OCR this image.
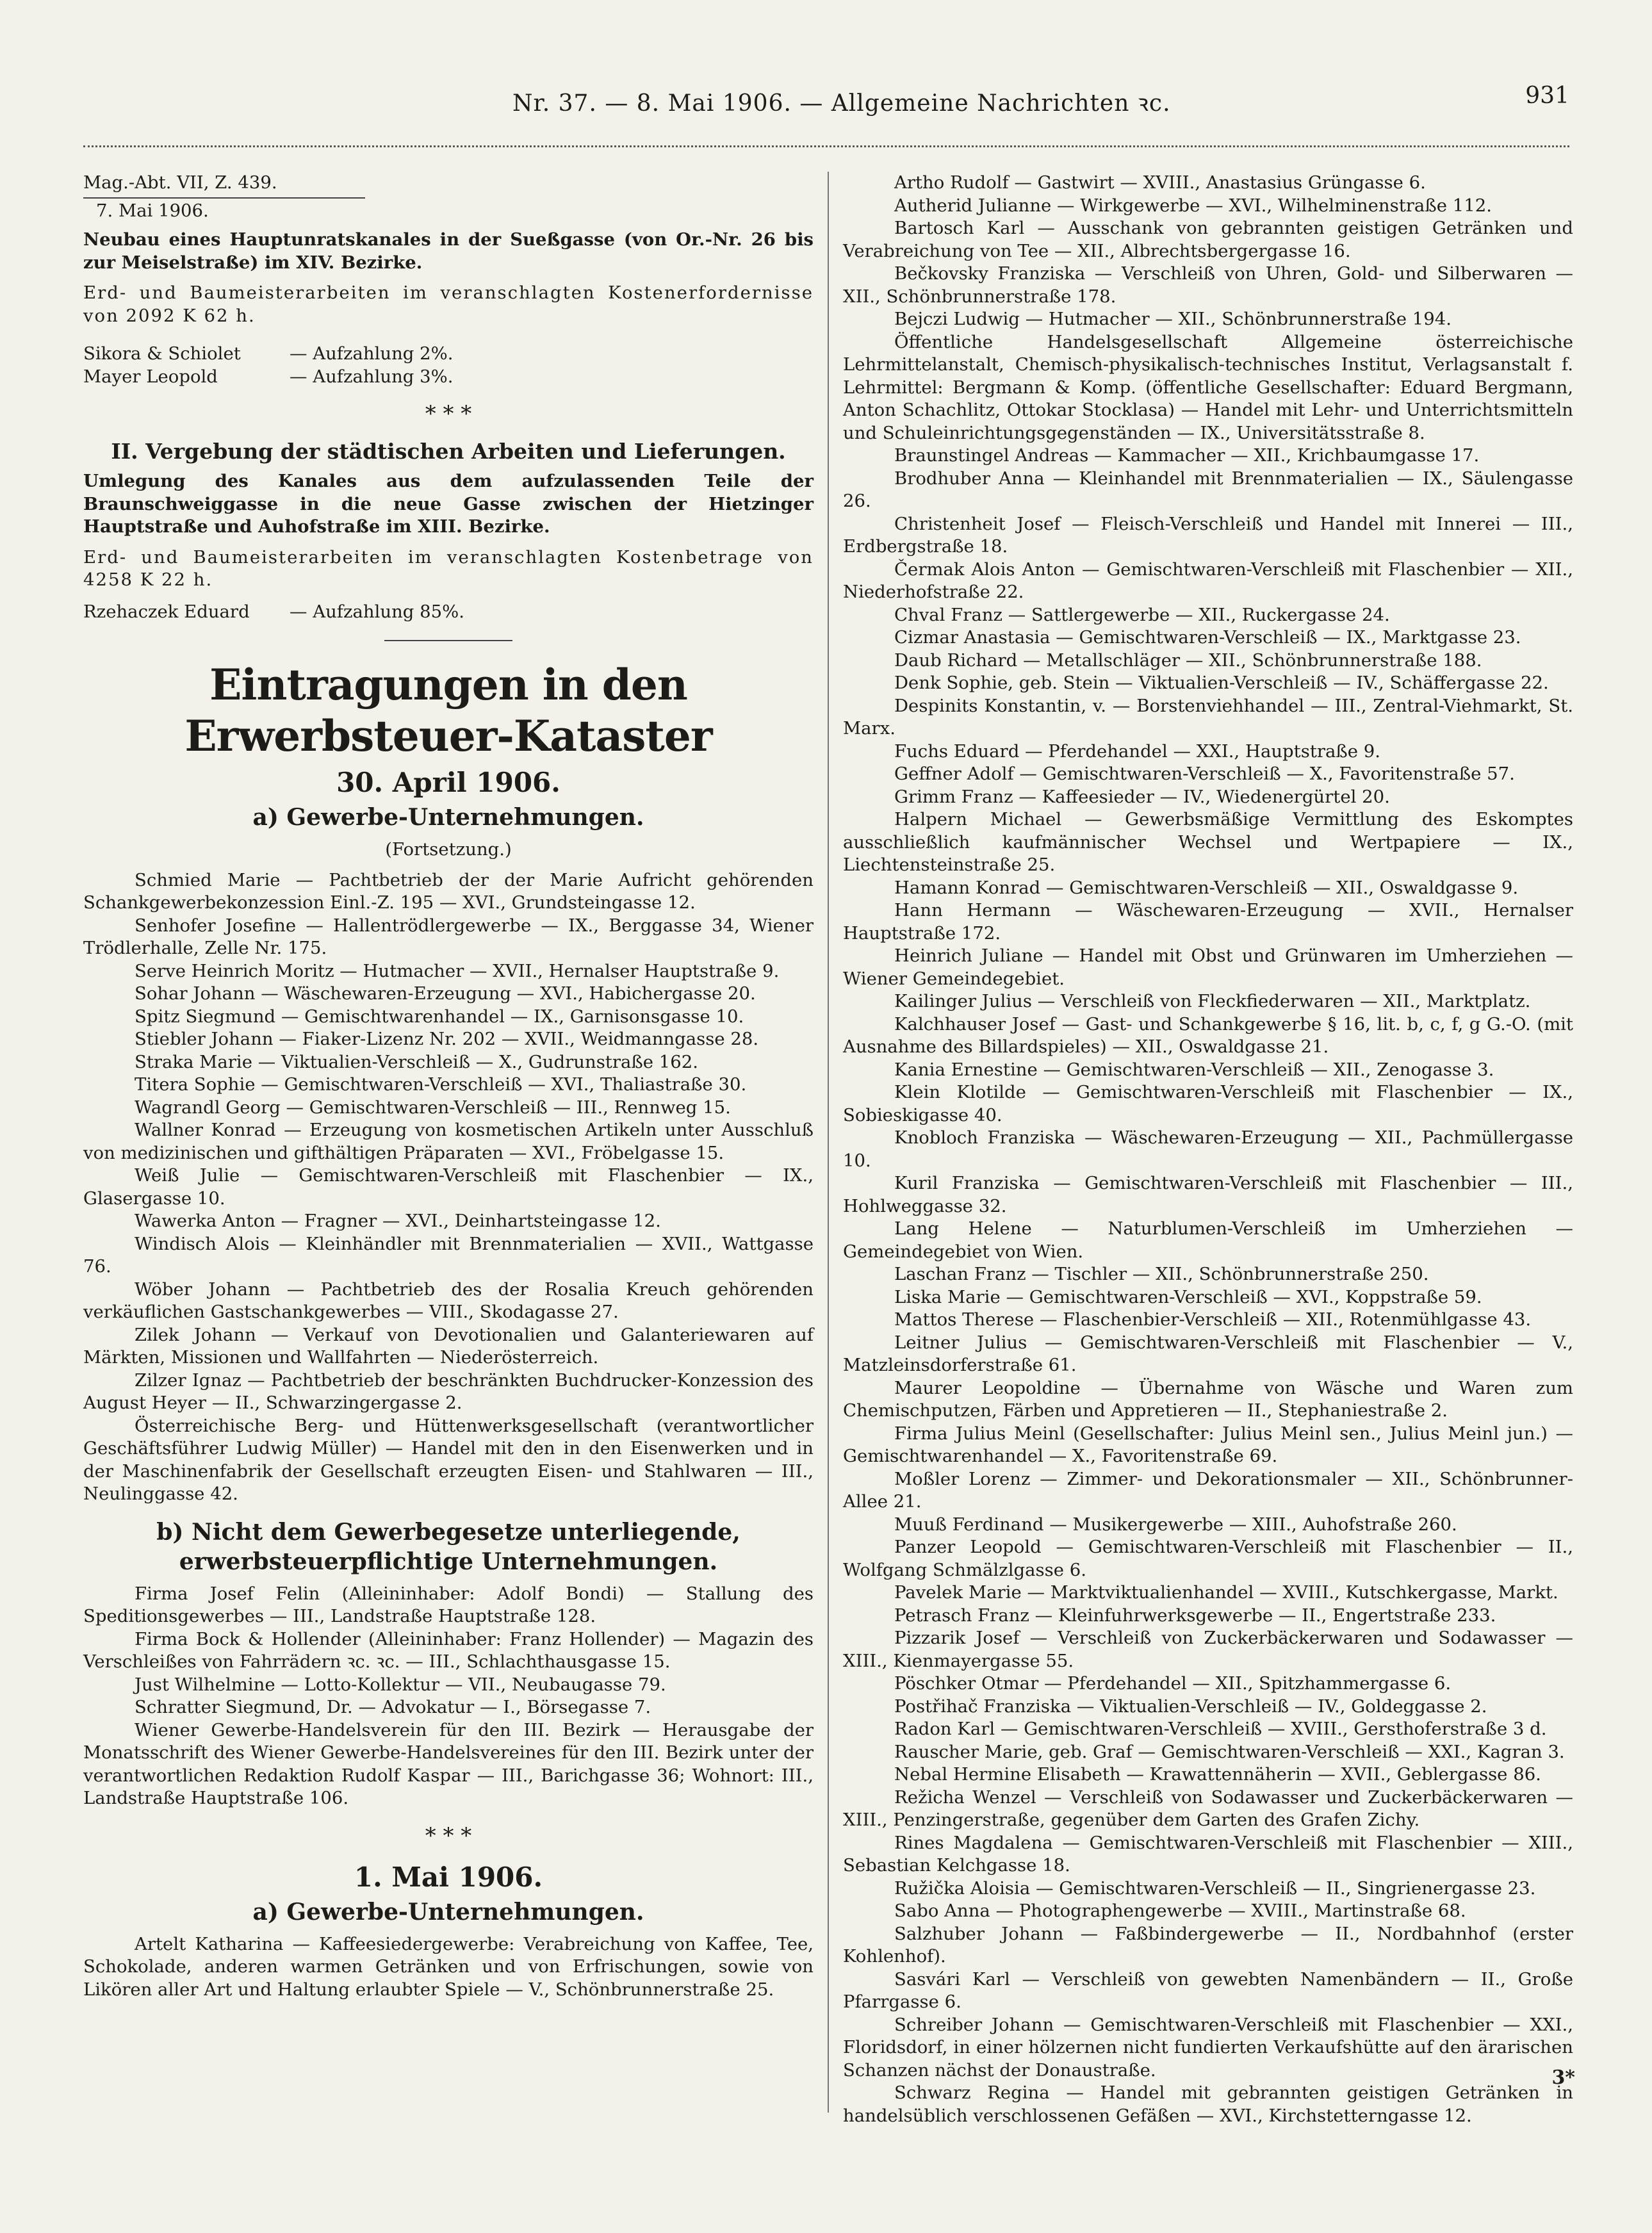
Nr. 37. — 8. Mai 1906. — Allgemeine Nachrichten ꝛc.	931
Mag.-Abt. VII, Z. 439.
7. Mai 1906.
Neubau eines Hauptunratskanales in der Sueßgasse (von Or.-Nr. 26 bis zur Meiselstraße) im XIV. Bezirke.
Erd- und Baumeisterarbeiten im veranschlagten Kostenerfordernisse von 2092 K 62 h.
Sikora & Schiolet	— Aufzahlung 2%.
Mayer Leopold	— Aufzahlung 3%.
* * *
II. Vergebung der städtischen Arbeiten und Lieferungen.
Umlegung des Kanales aus dem aufzulassenden Teile der Braunschweiggasse in die neue Gasse zwischen der Hietzinger Hauptstraße und Auhofstraße im XIII. Bezirke.
Erd- und Baumeisterarbeiten im veranschlagten Kostenbetrage von 4258 K 22 h.
Rzehaczek Eduard	— Aufzahlung 85%.
Eintragungen in den Erwerbsteuer-Kataster
30. April 1906.
a) Gewerbe-Unternehmungen.
(Fortsetzung.)
Schmied Marie — Pachtbetrieb der der Marie Aufricht gehörenden Schankgewerbekonzession Einl.-Z. 195 — XVI., Grundsteingasse 12.
Senhofer Josefine — Hallentrödlergewerbe — IX., Berggasse 34, Wiener Trödlerhalle, Zelle Nr. 175.
Serve Heinrich Moritz — Hutmacher — XVII., Hernalser Hauptstraße 9.
Sohar Johann — Wäschewaren-Erzeugung — XVI., Habichergasse 20.
Spitz Siegmund — Gemischtwarenhandel — IX., Garnisonsgasse 10.
Stiebler Johann — Fiaker-Lizenz Nr. 202 — XVII., Weidmanngasse 28.
Straka Marie — Viktualien-Verschleiß — X., Gudrunstraße 162.
Titera Sophie — Gemischtwaren-Verschleiß — XVI., Thaliastraße 30.
Wagrandl Georg — Gemischtwaren-Verschleiß — III., Rennweg 15.
Wallner Konrad — Erzeugung von kosmetischen Artikeln unter Ausschluß von medizinischen und gifthältigen Präparaten — XVI., Fröbelgasse 15.
Weiß Julie — Gemischtwaren-Verschleiß mit Flaschenbier — IX., Glasergasse 10.
Wawerka Anton — Fragner — XVI., Deinhartsteingasse 12.
Windisch Alois — Kleinhändler mit Brennmaterialien — XVII., Wattgasse 76.
Wöber Johann — Pachtbetrieb des der Rosalia Kreuch gehörenden verkäuflichen Gastschankgewerbes — VIII., Skodagasse 27.
Zilek Johann — Verkauf von Devotionalien und Galanteriewaren auf Märkten, Missionen und Wallfahrten — Niederösterreich.
Zilzer Ignaz — Pachtbetrieb der beschränkten Buchdrucker-Konzession des August Heyer — II., Schwarzingergasse 2.
Österreichische Berg- und Hüttenwerksgesellschaft (verantwortlicher Geschäftsführer Ludwig Müller) — Handel mit den in den Eisenwerken und in der Maschinenfabrik der Gesellschaft erzeugten Eisen- und Stahlwaren — III., Neulinggasse 42.
b) Nicht dem Gewerbegesetze unterliegende, erwerbsteuerpflichtige Unternehmungen.
Firma Josef Felin (Alleininhaber: Adolf Bondi) — Stallung des Speditionsgewerbes — III., Landstraße Hauptstraße 128.
Firma Bock & Hollender (Alleininhaber: Franz Hollender) — Magazin des Verschleißes von Fahrrädern ꝛc. ꝛc. — III., Schlachthausgasse 15.
Just Wilhelmine — Lotto-Kollektur — VII., Neubaugasse 79.
Schratter Siegmund, Dr. — Advokatur — I., Börsegasse 7.
Wiener Gewerbe-Handelsverein für den III. Bezirk — Herausgabe der Monatsschrift des Wiener Gewerbe-Handelsvereines für den III. Bezirk unter der verantwortlichen Redaktion Rudolf Kaspar — III., Barichgasse 36; Wohnort: III., Landstraße Hauptstraße 106.
* * *
1. Mai 1906.
a) Gewerbe-Unternehmungen.
Artelt Katharina — Kaffeesiedergewerbe: Verabreichung von Kaffee, Tee, Schokolade, anderen warmen Getränken und von Erfrischungen, sowie von Likören aller Art und Haltung erlaubter Spiele — V., Schönbrunnerstraße 25.
Artho Rudolf — Gastwirt — XVIII., Anastasius Grüngasse 6.
Autherid Julianne — Wirkgewerbe — XVI., Wilhelminenstraße 112.
Bartosch Karl — Ausschank von gebrannten geistigen Getränken und Verabreichung von Tee — XII., Albrechtsbergergasse 16.
Bečkovsky Franziska — Verschleiß von Uhren, Gold- und Silberwaren — XII., Schönbrunnerstraße 178.
Bejczi Ludwig — Hutmacher — XII., Schönbrunnerstraße 194.
Öffentliche Handelsgesellschaft Allgemeine österreichische Lehrmittelanstalt, Chemisch-physikalisch-technisches Institut, Verlagsanstalt f. Lehrmittel: Bergmann & Komp. (öffentliche Gesellschafter: Eduard Bergmann, Anton Schachlitz, Ottokar Stocklasa) — Handel mit Lehr- und Unterrichtsmitteln und Schuleinrichtungsgegenständen — IX., Universitätsstraße 8.
Braunstingel Andreas — Kammacher — XII., Krichbaumgasse 17.
Brodhuber Anna — Kleinhandel mit Brennmaterialien — IX., Säulengasse 26.
Christenheit Josef — Fleisch-Verschleiß und Handel mit Innerei — III., Erdbergstraße 18.
Čermak Alois Anton — Gemischtwaren-Verschleiß mit Flaschenbier — XII., Niederhofstraße 22.
Chval Franz — Sattlergewerbe — XII., Ruckergasse 24.
Cizmar Anastasia — Gemischtwaren-Verschleiß — IX., Marktgasse 23.
Daub Richard — Metallschläger — XII., Schönbrunnerstraße 188.
Denk Sophie, geb. Stein — Viktualien-Verschleiß — IV., Schäffergasse 22.
Despinits Konstantin, v. — Borstenviehhandel — III., Zentral-Viehmarkt, St. Marx.
Fuchs Eduard — Pferdehandel — XXI., Hauptstraße 9.
Geffner Adolf — Gemischtwaren-Verschleiß — X., Favoritenstraße 57.
Grimm Franz — Kaffeesieder — IV., Wiedenergürtel 20.
Halpern Michael — Gewerbsmäßige Vermittlung des Eskomptes ausschließlich kaufmännischer Wechsel und Wertpapiere — IX., Liechtensteinstraße 25.
Hamann Konrad — Gemischtwaren-Verschleiß — XII., Oswaldgasse 9.
Hann Hermann — Wäschewaren-Erzeugung — XVII., Hernalser Hauptstraße 172.
Heinrich Juliane — Handel mit Obst und Grünwaren im Umherziehen — Wiener Gemeindegebiet.
Kailinger Julius — Verschleiß von Fleckfiederwaren — XII., Marktplatz.
Kalchhauser Josef — Gast- und Schankgewerbe § 16, lit. b, c, f, g G.-O. (mit Ausnahme des Billardspieles) — XII., Oswaldgasse 21.
Kania Ernestine — Gemischtwaren-Verschleiß — XII., Zenogasse 3.
Klein Klotilde — Gemischtwaren-Verschleiß mit Flaschenbier — IX., Sobieskigasse 40.
Knobloch Franziska — Wäschewaren-Erzeugung — XII., Pachmüllergasse 10.
Kuril Franziska — Gemischtwaren-Verschleiß mit Flaschenbier — III., Hohlweggasse 32.
Lang Helene — Naturblumen-Verschleiß im Umherziehen — Gemeindegebiet von Wien.
Laschan Franz — Tischler — XII., Schönbrunnerstraße 250.
Liska Marie — Gemischtwaren-Verschleiß — XVI., Koppstraße 59.
Mattos Therese — Flaschenbier-Verschleiß — XII., Rotenmühlgasse 43.
Leitner Julius — Gemischtwaren-Verschleiß mit Flaschenbier — V., Matzleinsdorferstraße 61.
Maurer Leopoldine — Übernahme von Wäsche und Waren zum Chemischputzen, Färben und Appretieren — II., Stephaniestraße 2.
Firma Julius Meinl (Gesellschafter: Julius Meinl sen., Julius Meinl jun.) — Gemischtwarenhandel — X., Favoritenstraße 69.
Moßler Lorenz — Zimmer- und Dekorationsmaler — XII., Schönbrunner-Allee 21.
Muuß Ferdinand — Musikergewerbe — XIII., Auhofstraße 260.
Panzer Leopold — Gemischtwaren-Verschleiß mit Flaschenbier — II., Wolfgang Schmälzlgasse 6.
Pavelek Marie — Marktviktualienhandel — XVIII., Kutschkergasse, Markt.
Petrasch Franz — Kleinfuhrwerksgewerbe — II., Engertstraße 233.
Pizzarik Josef — Verschleiß von Zuckerbäckerwaren und Sodawasser — XIII., Kienmayergasse 55.
Pöschker Otmar — Pferdehandel — XII., Spitzhammergasse 6.
Postřihač Franziska — Viktualien-Verschleiß — IV., Goldeggasse 2.
Radon Karl — Gemischtwaren-Verschleiß — XVIII., Gersthoferstraße 3 d.
Rauscher Marie, geb. Graf — Gemischtwaren-Verschleiß — XXI., Kagran 3.
Nebal Hermine Elisabeth — Krawattennäherin — XVII., Geblergasse 86.
Režicha Wenzel — Verschleiß von Sodawasser und Zuckerbäckerwaren — XIII., Penzingerstraße, gegenüber dem Garten des Grafen Zichy.
Rines Magdalena — Gemischtwaren-Verschleiß mit Flaschenbier — XIII., Sebastian Kelchgasse 18.
Ružička Aloisia — Gemischtwaren-Verschleiß — II., Singrienergasse 23.
Sabo Anna — Photographengewerbe — XVIII., Martinstraße 68.
Salzhuber Johann — Faßbindergewerbe — II., Nordbahnhof (erster Kohlenhof).
Sasvári Karl — Verschleiß von gewebten Namenbändern — II., Große Pfarrgasse 6.
Schreiber Johann — Gemischtwaren-Verschleiß mit Flaschenbier — XXI., Floridsdorf, in einer hölzernen nicht fundierten Verkaufshütte auf den ärarischen Schanzen nächst der Donaustraße.
Schwarz Regina — Handel mit gebrannten geistigen Getränken in handelsüblich verschlossenen Gefäßen — XVI., Kirchstetterngasse 12.
3*
